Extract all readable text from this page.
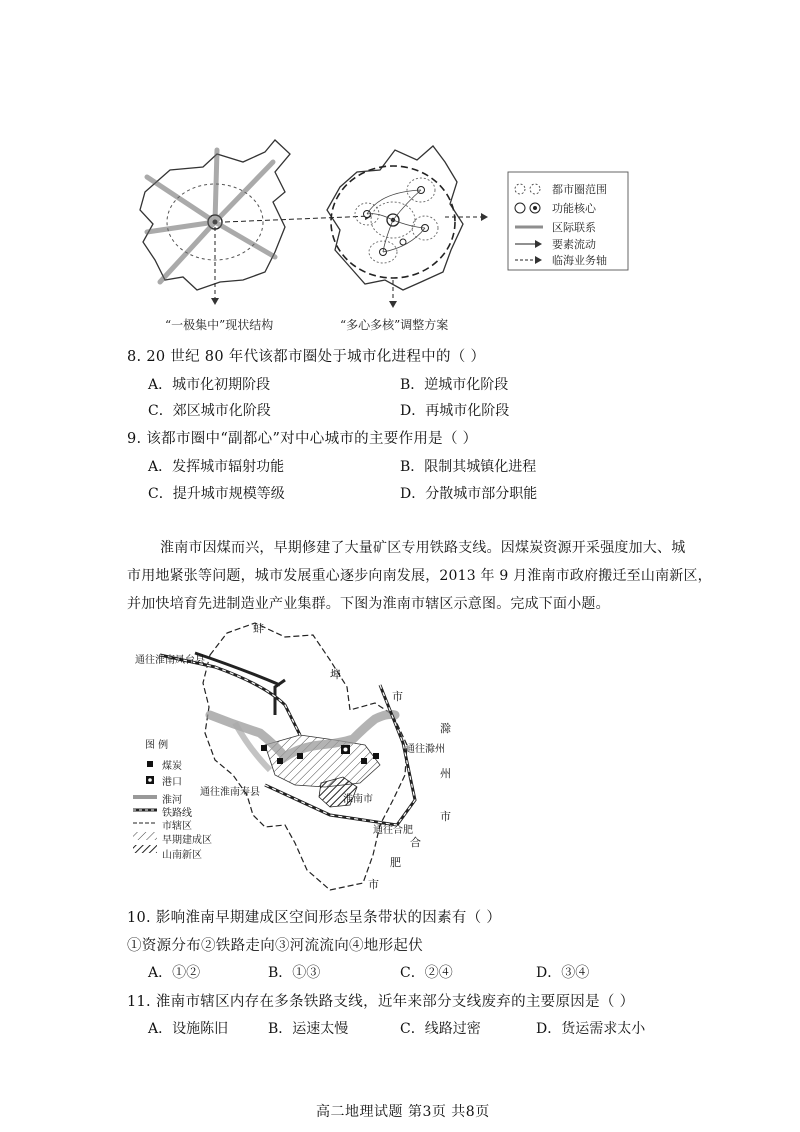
都市圈范围
功能核心
区际联系
要素流动
临海业务轴
“一极集中”现状结构	“多心多核”调整方案
8. 20 世纪 80 年代该都市圈处于城市化进程中的（ ）
A．城市化初期阶段	B．逆城市化阶段
C．郊区城市化阶段	D．再城市化阶段
9. 该都市圈中“副都心”对中心城市的主要作用是（ ）
A．发挥城市辐射功能	B．限制其城镇化进程
C．提升城市规模等级	D．分散城市部分职能
淮南市因煤而兴，早期修建了大量矿区专用铁路支线。因煤炭资源开采强度加大、城
市用地紧张等问题，城市发展重心逐步向南发展，2013 年 9 月淮南市政府搬迁至山南新区，
并加快培育先进制造业产业集群。下图为淮南市辖区示意图。完成下面小题。
蚌
埠
市
通往淮南凤台县
滁
州
市
通往滁州
通往淮南寿县
淮南市
通往合肥
合
肥
市
图 例
煤炭
港口
淮河
铁路线
市辖区
早期建成区
山南新区
10. 影响淮南早期建成区空间形态呈条带状的因素有（ ）
①资源分布②铁路走向③河流流向④地形起伏
A．①②	B．①③	C．②④	D．③④
11. 淮南市辖区内存在多条铁路支线，近年来部分支线废弃的主要原因是（ ）
A．设施陈旧	B．运速太慢	C．线路过密	D．货运需求太小
高二地理试题 第3页 共8页
